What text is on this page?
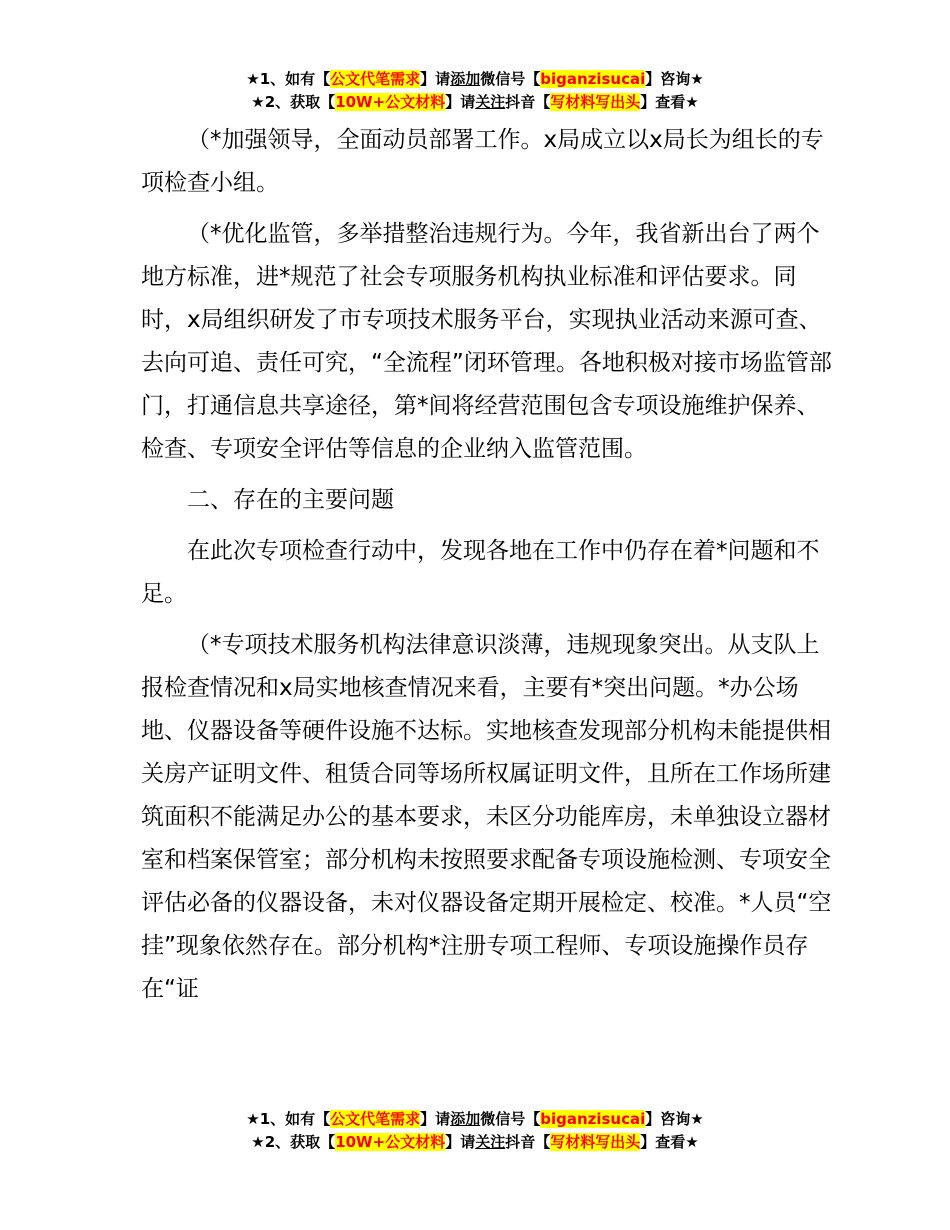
★1、如有【公文代笔需求】请添加微信号【biganzisucai】咨询★
★2、获取【10W+公文材料】请关注抖音【写材料写出头】查看★

（*加强领导，全面动员部署工作。x局成立以x局长为组长的专项检查小组。

（*优化监管，多举措整治违规行为。今年，我省新出台了两个地方标准，进*规范了社会专项服务机构执业标准和评估要求。同时，x局组织研发了市专项技术服务平台，实现执业活动来源可查、去向可追、责任可究，“全流程”闭环管理。各地积极对接市场监管部门，打通信息共享途径，第*间将经营范围包含专项设施维护保养、检查、专项安全评估等信息的企业纳入监管范围。

二、存在的主要问题

在此次专项检查行动中，发现各地在工作中仍存在着*问题和不足。

（*专项技术服务机构法律意识淡薄，违规现象突出。从支队上报检查情况和x局实地核查情况来看，主要有*突出问题。*办公场地、仪器设备等硬件设施不达标。实地核查发现部分机构未能提供相关房产证明文件、租赁合同等场所权属证明文件，且所在工作场所建筑面积不能满足办公的基本要求，未区分功能库房，未单独设立器材室和档案保管室；部分机构未按照要求配备专项设施检测、专项安全评估必备的仪器设备，未对仪器设备定期开展检定、校准。*人员“空挂”现象依然存在。部分机构*注册专项工程师、专项设施操作员存在“证

★1、如有【公文代笔需求】请添加微信号【biganzisucai】咨询★
★2、获取【10W+公文材料】请关注抖音【写材料写出头】查看★
